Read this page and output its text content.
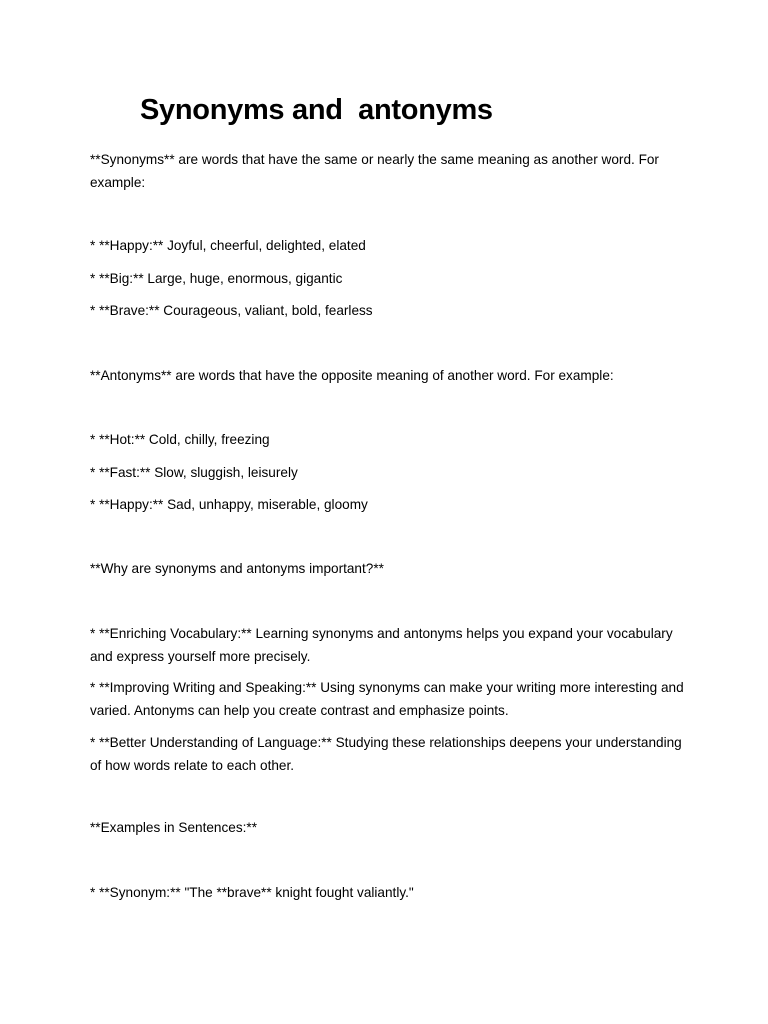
Synonyms and  antonyms

**Synonyms** are words that have the same or nearly the same meaning as another word. For example:

* **Happy:** Joyful, cheerful, delighted, elated

* **Big:** Large, huge, enormous, gigantic

* **Brave:** Courageous, valiant, bold, fearless

**Antonyms** are words that have the opposite meaning of another word. For example:

* **Hot:** Cold, chilly, freezing

* **Fast:** Slow, sluggish, leisurely

* **Happy:** Sad, unhappy, miserable, gloomy

**Why are synonyms and antonyms important?**

* **Enriching Vocabulary:** Learning synonyms and antonyms helps you expand your vocabulary and express yourself more precisely.

* **Improving Writing and Speaking:** Using synonyms can make your writing more interesting and varied. Antonyms can help you create contrast and emphasize points.

* **Better Understanding of Language:** Studying these relationships deepens your understanding of how words relate to each other.

**Examples in Sentences:**

* **Synonym:** "The **brave** knight fought valiantly."
